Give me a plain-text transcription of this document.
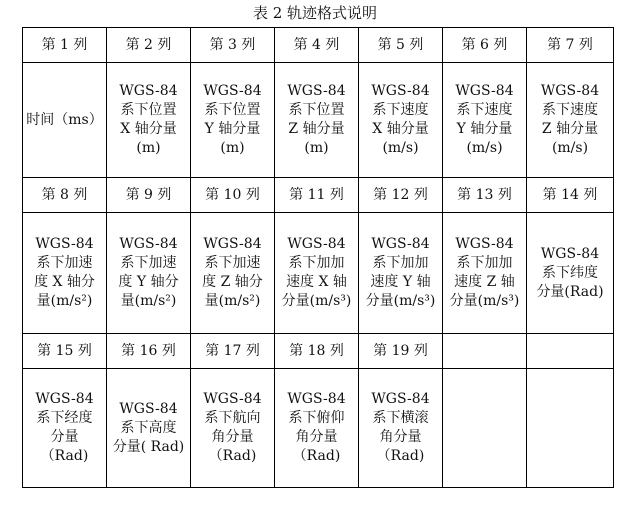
表 2 轨迹格式说明
第 1 列	第 2 列	第 3 列	第 4 列	第 5 列	第 6 列	第 7 列
时间（ms）	WGS-84
系下位置
X 轴分量
(m)	WGS-84
系下位置
Y 轴分量
(m)	WGS-84
系下位置
Z 轴分量
(m)	WGS-84
系下速度
X 轴分量
(m/s)	WGS-84
系下速度
Y 轴分量
(m/s)	WGS-84
系下速度
Z 轴分量
(m/s)
第 8 列	第 9 列	第 10 列	第 11 列	第 12 列	第 13 列	第 14 列
WGS-84
系下加速
度 X 轴分
量(m/s²)	WGS-84
系下加速
度 Y 轴分
量(m/s²)	WGS-84
系下加速
度 Z 轴分
量(m/s²)	WGS-84
系下加加
速度 X 轴
分量(m/s³)	WGS-84
系下加加
速度 Y 轴
分量(m/s³)	WGS-84
系下加加
速度 Z 轴
分量(m/s³)	WGS-84
系下纬度
分量(Rad)
第 15 列	第 16 列	第 17 列	第 18 列	第 19 列		
WGS-84
系下经度
分量
（Rad)	WGS-84
系下高度
分量( Rad)	WGS-84
系下航向
角分量
（Rad)	WGS-84
系下俯仰
角分量
（Rad)	WGS-84
系下横滚
角分量
（Rad)		
